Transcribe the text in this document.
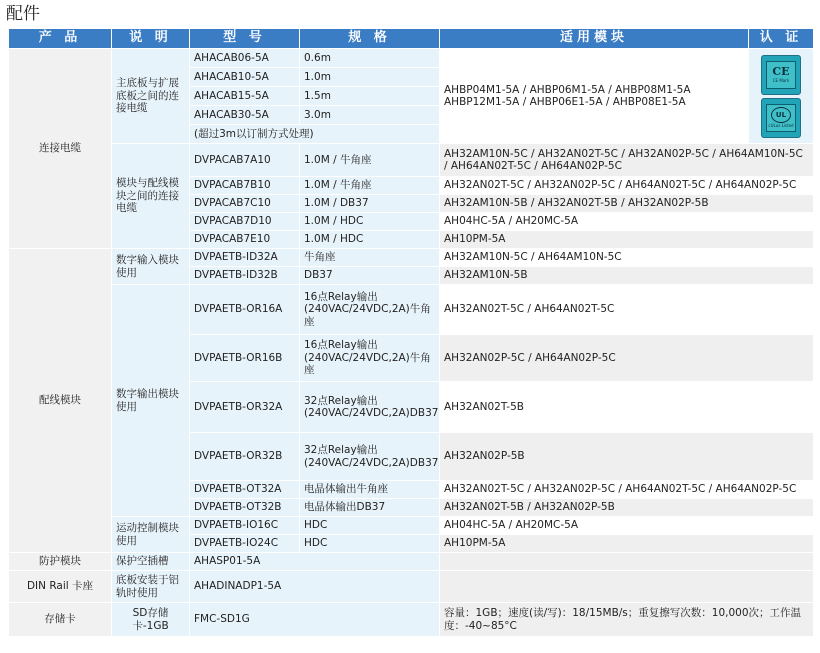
配件
产 品	说 明	型 号	规 格	适用模块	认 证
连接电缆	主底板与扩展底板之间的连接电缆	AHACAB06-5A	0.6m	AHBP04M1-5A / AHBP06M1-5A / AHBP08M1-5A AHBP12M1-5A / AHBP06E1-5A / AHBP08E1-5A	CE
CE Mark
UL
cULus Listed

		AHACAB10-5A	1.0m		
		AHACAB15-5A	1.5m		
		AHACAB30-5A	3.0m		
		(超过3m以订制方式处理)			
	模块与配线模块之间的连接电缆	DVPACAB7A10	1.0M / 牛角座	AH32AM10N-5C / AH32AN02T-5C / AH32AN02P-5C / AH64AM10N-5C / AH64AN02T-5C / AH64AN02P-5C	
		DVPACAB7B10	1.0M / 牛角座	AH32AN02T-5C / AH32AN02P-5C / AH64AN02T-5C / AH64AN02P-5C	
		DVPACAB7C10	1.0M / DB37	AH32AM10N-5B / AH32AN02T-5B / AH32AN02P-5B	
		DVPACAB7D10	1.0M / HDC	AH04HC-5A / AH20MC-5A	
		DVPACAB7E10	1.0M / HDC	AH10PM-5A	
配线模块	数字输入模块使用	DVPAETB-ID32A	牛角座	AH32AM10N-5C / AH64AM10N-5C	
		DVPAETB-ID32B	DB37	AH32AM10N-5B	
	数字输出模块使用	DVPAETB-OR16A	16点Relay输出(240VAC/24VDC,2A)牛角座	AH32AN02T-5C / AH64AN02T-5C	
		DVPAETB-OR16B	16点Relay输出(240VAC/24VDC,2A)牛角座	AH32AN02P-5C / AH64AN02P-5C	
		DVPAETB-OR32A	32点Relay输出(240VAC/24VDC,2A)DB37	AH32AN02T-5B	
		DVPAETB-OR32B	32点Relay输出(240VAC/24VDC,2A)DB37	AH32AN02P-5B	
		DVPAETB-OT32A	电晶体输出牛角座	AH32AN02T-5C / AH32AN02P-5C / AH64AN02T-5C / AH64AN02P-5C	
		DVPAETB-OT32B	电晶体输出DB37	AH32AN02T-5B / AH32AN02P-5B	
	运动控制模块使用	DVPAETB-IO16C	HDC	AH04HC-5A / AH20MC-5A	
		DVPAETB-IO24C	HDC	AH10PM-5A	
防护模块	保护空插槽	AHASP01-5A			
DIN Rail 卡座	底板安装于铝轨时使用	AHADINADP1-5A			
存储卡	SD存储卡-1GB	FMC-SD1G		容量：1GB；速度(读/写)：18/15MB/s；重复擦写次数：10,000次；工作温度：-40~85°C	
